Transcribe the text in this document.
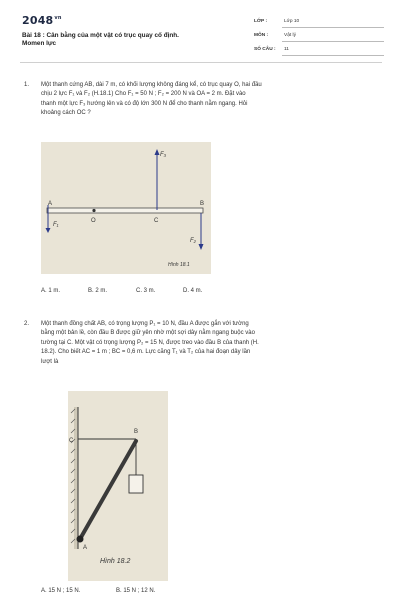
$2048^{vn}$
Bài 18 : Cân bằng của một vật có trục quay cố định.
Momen lực
LỚP :	Lớp 10
MÔN :	Vật lý
SỐ CÂU : 11
1. Một thanh cứng AB, dài 7 m, có khối lượng không đáng kể, có trục quay O, hai đầu
chịu 2 lực F₁ và F₂ (H.18.1) Cho F₁ = 50 N ; F₂ = 200 N và OA = 2 m. Đặt vào
thanh một lực F₃ hướng lên và có độ lớn 300 N để cho thanh nằm ngang. Hỏi
khoảng cách OC ?
A
O	C
B
F₁
F₃
F₂
Hình 18.1
A. 1 m.	B. 2 m.	C. 3 m.	D. 4 m.
2. Một thanh đồng chất AB, có trọng lượng P₁ = 10 N, đầu A được gắn với tường
bằng một bản lề, còn đầu B được giữ yên nhờ một sợi dây nằm ngang buộc vào
tường tại C. Một vật có trọng lượng P₂ = 15 N, được treo vào đầu B của thanh (H.
18.2). Cho biết AC = 1 m ; BC = 0,6 m. Lực căng T₁ và T₂ của hai đoạn dây lần
lượt là
C
B
A
Hình 18.2
A. 15 N ; 15 N.	B. 15 N ; 12 N.
